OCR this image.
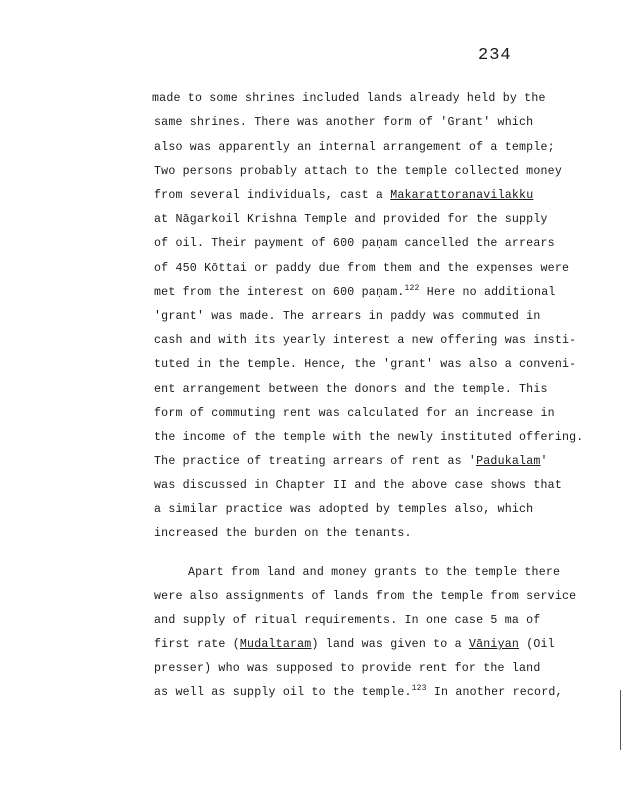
234
made to some shrines included lands already held by the
same shrines. There was another form of 'Grant' which
also was apparently an internal arrangement of a temple;
Two persons probably attach to the temple collected money
from several individuals, cast a Makarattoranavilakku
at Nāgarkoil Krishna Temple and provided for the supply
of oil. Their payment of 600 paṇam cancelled the arrears
of 450 Kōttai or paddy due from them and the expenses were
met from the interest on 600 paṇam.$^{122}$ Here no additional
'grant' was made. The arrears in paddy was commuted in
cash and with its yearly interest a new offering was insti-
tuted in the temple. Hence, the 'grant' was also a conveni-
ent arrangement between the donors and the temple. This
form of commuting rent was calculated for an increase in
the income of the temple with the newly instituted offering.
The practice of treating arrears of rent as 'Padukalam'
was discussed in Chapter II and the above case shows that
a similar practice was adopted by temples also, which
increased the burden on the tenants.
Apart from land and money grants to the temple there
were also assignments of lands from the temple from service
and supply of ritual requirements. In one case 5 ma of
first rate (Mudaltaram) land was given to a Vāniyan (Oil
presser) who was supposed to provide rent for the land
as well as supply oil to the temple.$^{123}$ In another record,
